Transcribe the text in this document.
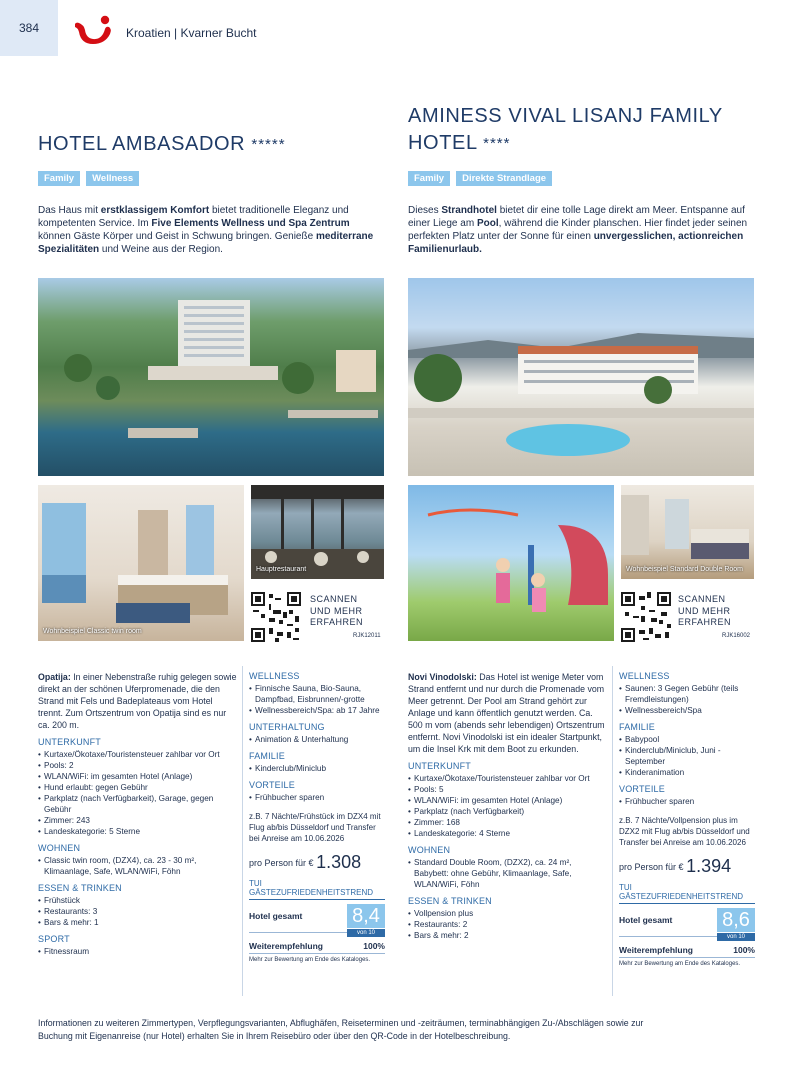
384	Kroatien | Kvarner Bucht
HOTEL AMBASADOR *****
Family Wellness
Das Haus mit erstklassigem Komfort bietet traditionelle Eleganz und kompetenten Service. Im Five Elements Wellness und Spa Zentrum können Gäste Körper und Geist in Schwung bringen. Genieße mediterrane Spezialitäten und Weine aus der Region.
AMINESS VIVAL LISANJ FAMILY
HOTEL ****
Family Direkte Strandlage
Dieses Strandhotel bietet dir eine tolle Lage direkt am Meer. Entspanne auf einer Liege am Pool, während die Kinder planschen. Hier findet jeder seinen perfekten Platz unter der Sonne für einen unvergesslichen, actionreichen Familienurlaub.
Wohnbeispiel Classic twin room
Hauptrestaurant
SCANNEN
UND MEHR
ERFAHREN
RJK12011
Wohnbeispiel Standard Double Room
SCANNEN
UND MEHR
ERFAHREN
RJK16002
Opatija: In einer Nebenstraße ruhig gelegen sowie direkt an der schönen Uferpromenade, die den Strand mit Fels und Badeplateaus vom Hotel trennt. Zum Ortszentrum von Opatija sind es nur ca. 200 m.
UNTERKUNFT
• Kurtaxe/Ökotaxe/Touristensteuer zahlbar vor Ort
• Pools: 2
• WLAN/WiFi: im gesamten Hotel (Anlage)
• Hund erlaubt: gegen Gebühr
• Parkplatz (nach Verfügbarkeit), Garage, gegen Gebühr
• Zimmer: 243
• Landeskategorie: 5 Sterne
WOHNEN
• Classic twin room, (DZX4), ca. 23 - 30 m², Klimaanlage, Safe, WLAN/WiFi, Föhn
ESSEN & TRINKEN
• Frühstück
• Restaurants: 3
• Bars & mehr: 1
SPORT
• Fitnessraum
WELLNESS
• Finnische Sauna, Bio-Sauna, Dampfbad, Eisbrunnen/-grotte
• Wellnessbereich/Spa: ab 17 Jahre
UNTERHALTUNG
• Animation & Unterhaltung
FAMILIE
• Kinderclub/Miniclub
VORTEILE
• Frühbucher sparen
z.B. 7 Nächte/Frühstück im DZX4 mit Flug ab/bis Düsseldorf und Transfer bei Anreise am 10.06.2026
pro Person für € 1.308
TUI GÄSTEZUFRIEDENHEITSTREND
Hotel gesamt 8,4
von 10
Weiterempfehlung	100%
Mehr zur Bewertung am Ende des Kataloges.
Novi Vinodolski: Das Hotel ist wenige Meter vom Strand entfernt und nur durch die Promenade vom Meer getrennt. Der Pool am Strand gehört zur Anlage und kann öffentlich genutzt werden. Ca. 500 m vom (abends sehr lebendigen) Ortszentrum entfernt. Novi Vinodolski ist ein idealer Startpunkt, um die Insel Krk mit dem Boot zu erkunden.
UNTERKUNFT
• Kurtaxe/Ökotaxe/Touristensteuer zahlbar vor Ort
• Pools: 5
• WLAN/WiFi: im gesamten Hotel (Anlage)
• Parkplatz (nach Verfügbarkeit)
• Zimmer: 168
• Landeskategorie: 4 Sterne
WOHNEN
• Standard Double Room, (DZX2), ca. 24 m², Babybett: ohne Gebühr, Klimaanlage, Safe, WLAN/WiFi, Föhn
ESSEN & TRINKEN
• Vollpension plus
• Restaurants: 2
• Bars & mehr: 2
WELLNESS
• Saunen: 3 Gegen Gebühr (teils Fremdleistungen)
• Wellnessbereich/Spa
FAMILIE
• Babypool
• Kinderclub/Miniclub, Juni - September
• Kinderanimation
VORTEILE
• Frühbucher sparen
z.B. 7 Nächte/Vollpension plus im DZX2 mit Flug ab/bis Düsseldorf und Transfer bei Anreise am 10.06.2026
pro Person für € 1.394
TUI GÄSTEZUFRIEDENHEITSTREND
Hotel gesamt 8,6
von 10
Weiterempfehlung	100%
Mehr zur Bewertung am Ende des Kataloges.
Informationen zu weiteren Zimmertypen, Verpflegungsvarianten, Abflughäfen, Reiseterminen und -zeiträumen, terminabhängigen Zu-/Abschlägen sowie zur Buchung mit Eigenanreise (nur Hotel) erhalten Sie in Ihrem Reisebüro oder über den QR-Code in der Hotelbeschreibung.
